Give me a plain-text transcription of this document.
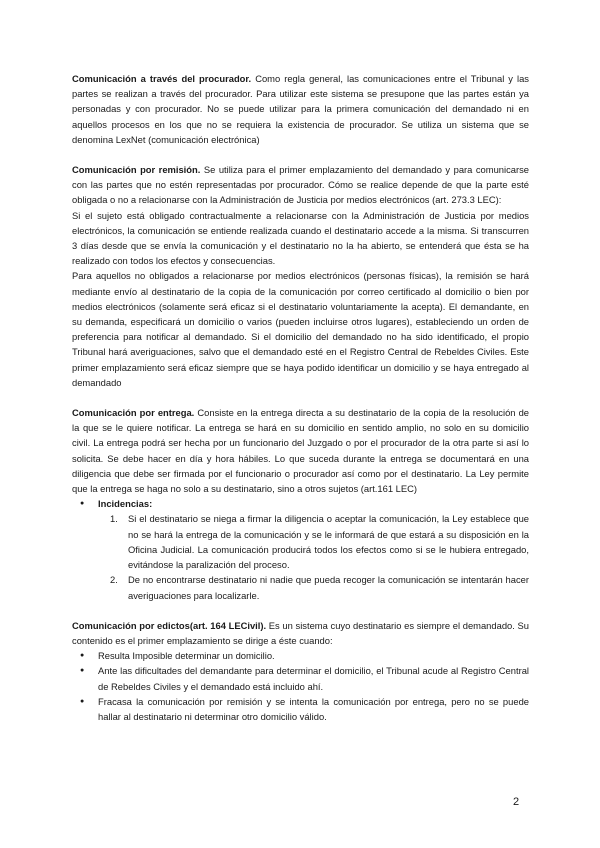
Comunicación a través del procurador. Como regla general, las comunicaciones entre el Tribunal y las partes se realizan a través del procurador. Para utilizar este sistema se presupone que las partes están ya personadas y con procurador. No se puede utilizar para la primera comunicación del demandado ni en aquellos procesos en los que no se requiera la existencia de procurador. Se utiliza un sistema que se denomina LexNet (comunicación electrónica)

Comunicación por remisión. Se utiliza para el primer emplazamiento del demandado y para comunicarse con las partes que no estén representadas por procurador. Cómo se realice depende de que la parte esté obligada o no a relacionarse con la Administración de Justicia por medios electrónicos (art. 273.3 LEC):

Si el sujeto está obligado contractualmente a relacionarse con la Administración de Justicia por medios electrónicos, la comunicación se entiende realizada cuando el destinatario accede a la misma. Si transcurren 3 días desde que se envía la comunicación y el destinatario no la ha abierto, se entenderá que ésta se ha realizado con todos los efectos y consecuencias.

Para aquellos no obligados a relacionarse por medios electrónicos (personas físicas), la remisión se hará mediante envío al destinatario de la copia de la comunicación por correo certificado al domicilio o bien por medios electrónicos (solamente será eficaz si el destinatario voluntariamente la acepta). El demandante, en su demanda, especificará un domicilio o varios (pueden incluirse otros lugares), estableciendo un orden de preferencia para notificar al demandado. Si el domicilio del demandado no ha sido identificado, el propio Tribunal hará averiguaciones, salvo que el demandado esté en el Registro Central de Rebeldes Civiles. Este primer emplazamiento será eficaz siempre que se haya podido identificar un domicilio y se haya entregado al demandado

Comunicación por entrega. Consiste en la entrega directa a su destinatario de la copia de la resolución de la que se le quiere notificar. La entrega se hará en su domicilio en sentido amplio, no solo en su domicilio civil. La entrega podrá ser hecha por un funcionario del Juzgado o por el procurador de la otra parte si así lo solicita. Se debe hacer en día y hora hábiles. Lo que suceda durante la entrega se documentará en una diligencia que debe ser firmada por el funcionario o procurador así como por el destinatario. La Ley permite que la entrega se haga no solo a su destinatario, sino a otros sujetos (art.161 LEC)

● Incidencias:
1. Si el destinatario se niega a firmar la diligencia o aceptar la comunicación, la Ley establece que no se hará la entrega de la comunicación y se le informará de que estará a su disposición en la Oficina Judicial. La comunicación producirá todos los efectos como si se le hubiera entregado, evitándose la paralización del proceso.
2. De no encontrarse destinatario ni nadie que pueda recoger la comunicación se intentarán hacer averiguaciones para localizarle.

Comunicación por edictos(art. 164 LECivil). Es un sistema cuyo destinatario es siempre el demandado. Su contenido es el primer emplazamiento se dirige a éste cuando:

● Resulta Imposible determinar un domicilio.
● Ante las dificultades del demandante para determinar el domicilio, el Tribunal acude al Registro Central de Rebeldes Civiles y el demandado está incluido ahí.
● Fracasa la comunicación por remisión y se intenta la comunicación por entrega, pero no se puede hallar al destinatario ni determinar otro domicilio válido.
2
